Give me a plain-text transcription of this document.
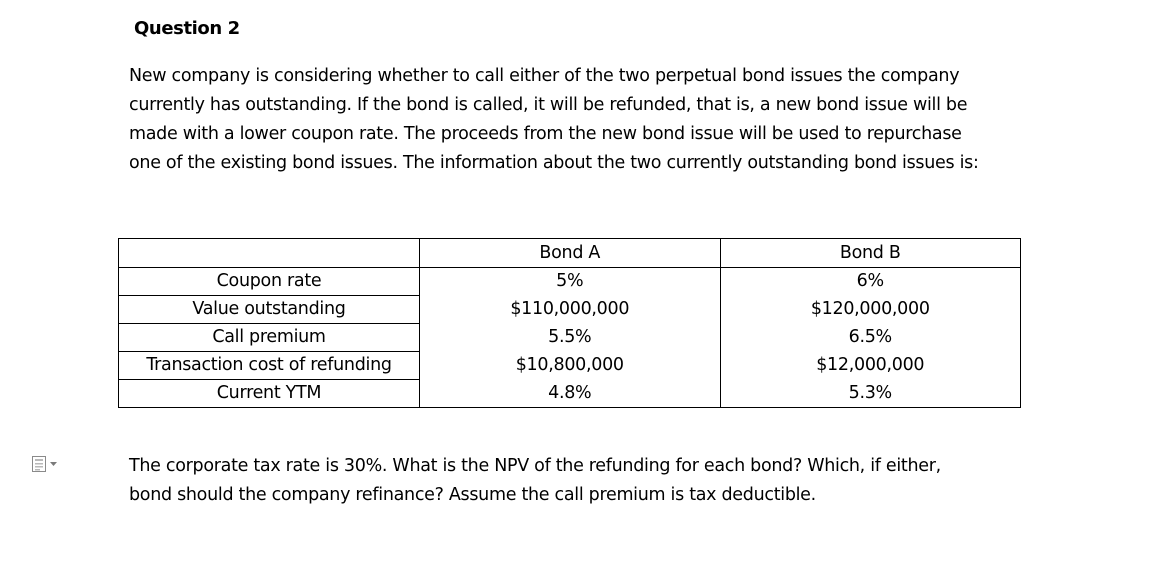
Question 2
New company is considering whether to call either of the two perpetual bond issues the company
currently has outstanding. If the bond is called, it will be refunded, that is, a new bond issue will be
made with a lower coupon rate. The proceeds from the new bond issue will be used to repurchase
one of the existing bond issues. The information about the two currently outstanding bond issues is:
	Bond A	Bond B
Coupon rate	5%	6%
Value outstanding	$110,000,000	$120,000,000
Call premium	5.5%	6.5%
Transaction cost of refunding	$10,800,000	$12,000,000
Current YTM	4.8%	5.3%
The corporate tax rate is 30%. What is the NPV of the refunding for each bond? Which, if either,
bond should the company refinance? Assume the call premium is tax deductible.
